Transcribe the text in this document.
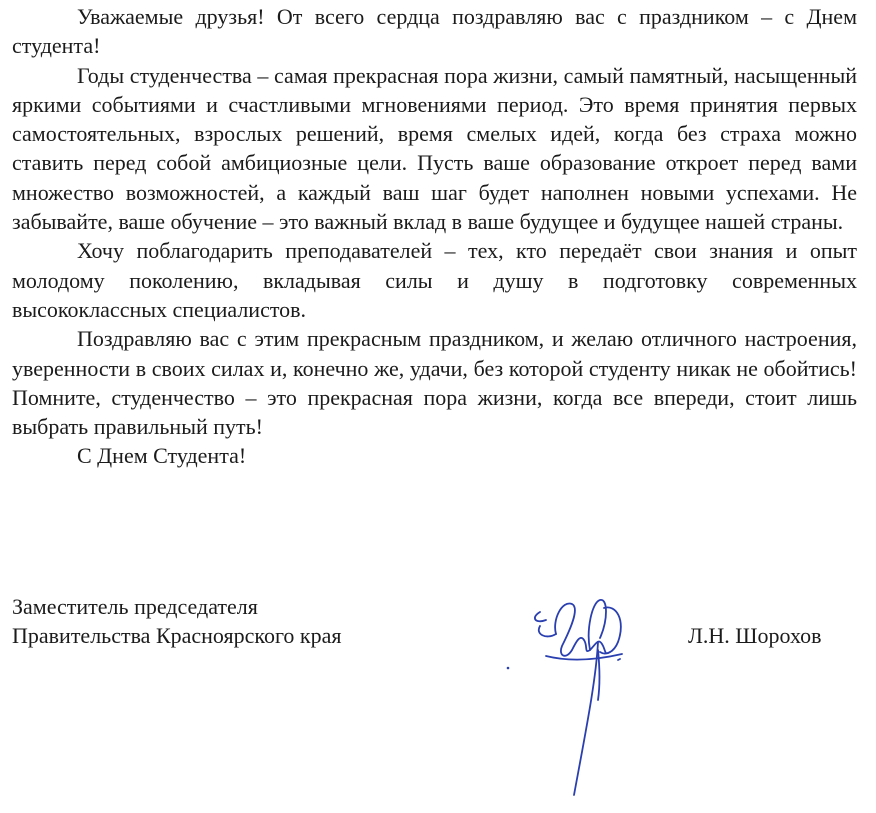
Уважаемые друзья! От всего сердца поздравляю вас с праздником – с Днем студента!

Годы студенчества – самая прекрасная пора жизни, самый памятный, насыщенный яркими событиями и счастливыми мгновениями период. Это время принятия первых самостоятельных, взрослых решений, время смелых идей, когда без страха можно ставить перед собой амбициозные цели. Пусть ваше образование откроет перед вами множество возможностей, а каждый ваш шаг будет наполнен новыми успехами. Не забывайте, ваше обучение – это важный вклад в ваше будущее и будущее нашей страны.

Хочу поблагодарить преподавателей – тех, кто передаёт свои знания и опыт молодому поколению, вкладывая силы и душу в подготовку современных высококлассных специалистов.

Поздравляю вас с этим прекрасным праздником, и желаю отличного настроения, уверенности в своих силах и, конечно же, удачи, без которой студенту никак не обойтись! Помните, студенчество – это прекрасная пора жизни, когда все впереди, стоит лишь выбрать правильный путь!

С Днем Студента!

Заместитель председателя
Правительства Красноярского края	Л.Н. Шорохов
